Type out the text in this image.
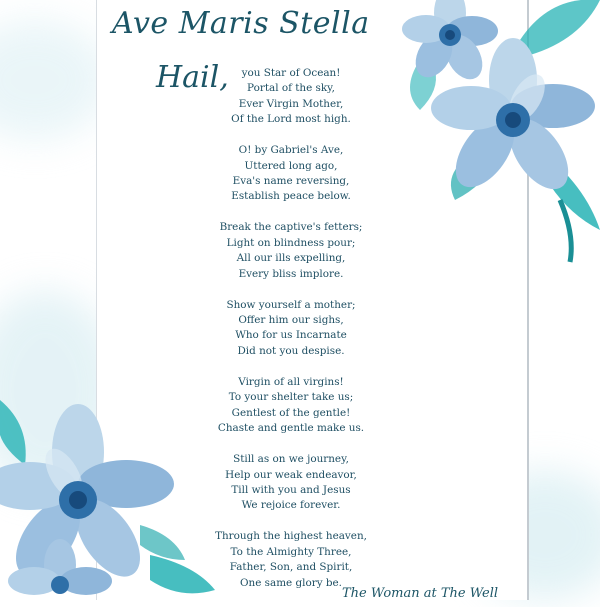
Ave Maris Stella
Hail,	you Star of Ocean!
Portal of the sky,
Ever Virgin Mother,
Of the Lord most high.
O! by Gabriel's Ave,
Uttered long ago,
Eva's name reversing,
Establish peace below.
Break the captive's fetters;
Light on blindness pour;
All our ills expelling,
Every bliss implore.
Show yourself a mother;
Offer him our sighs,
Who for us Incarnate
Did not you despise.
Virgin of all virgins!
To your shelter take us;
Gentlest of the gentle!
Chaste and gentle make us.
Still as on we journey,
Help our weak endeavor,
Till with you and Jesus
We rejoice forever.
Through the highest heaven,
To the Almighty Three,
Father, Son, and Spirit,
One same glory be.
The Woman at The Well
